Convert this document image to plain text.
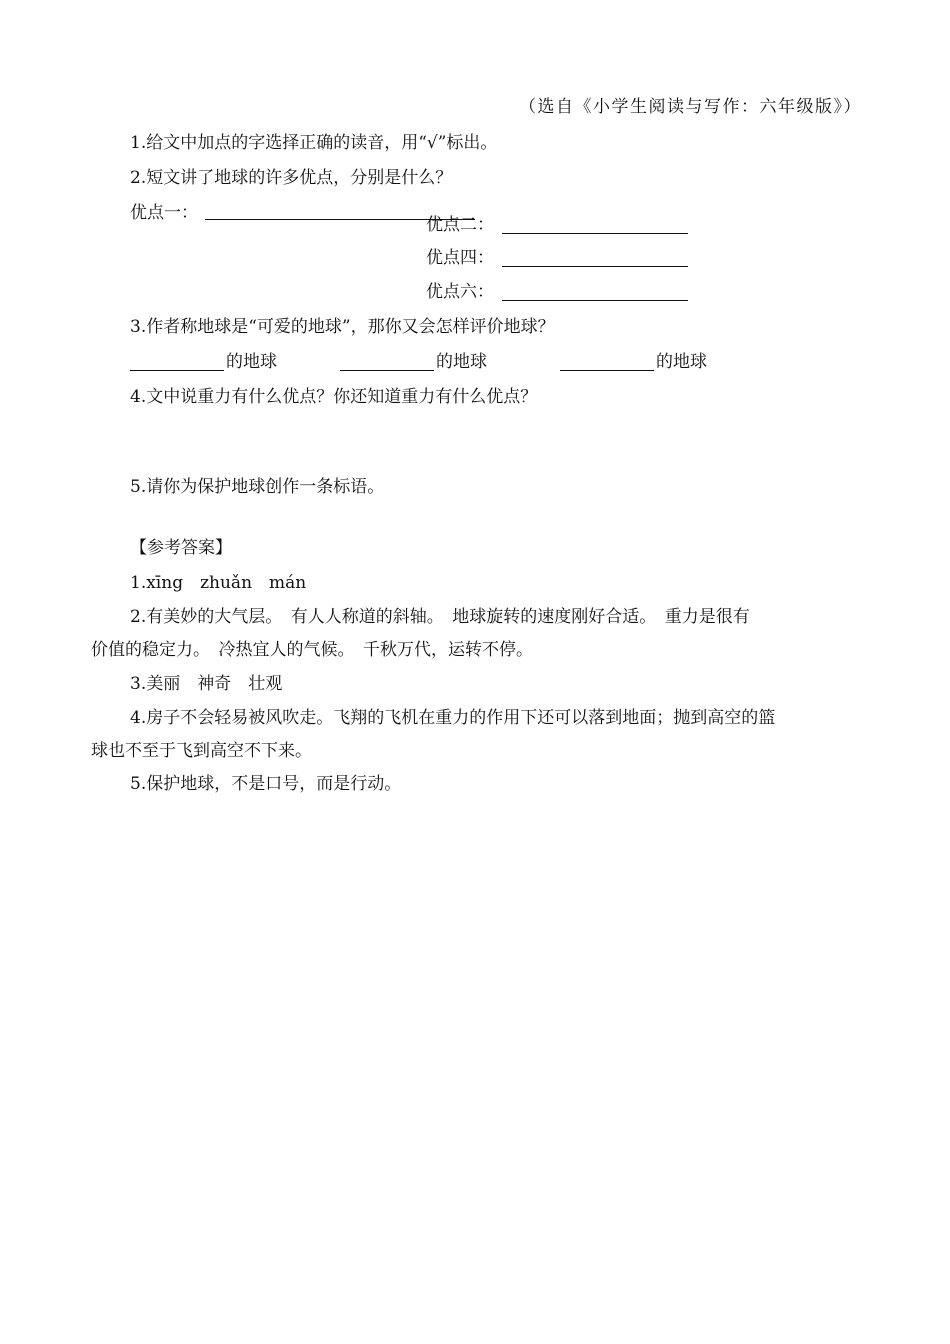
（选自《小学生阅读与写作：六年级版》）
1.给文中加点的字选择正确的读音，用“√”标出。
2.短文讲了地球的许多优点，分别是什么？
优点一：
优点二：
优点四：
优点六：
3.作者称地球是“可爱的地球”，那你又会怎样评价地球？
的地球	的地球	的地球
4.文中说重力有什么优点？你还知道重力有什么优点？
5.请你为保护地球创作一条标语。
【参考答案】
1.xīng　zhuǎn　mán
2.有美妙的大气层。　有人人称道的斜轴。　地球旋转的速度刚好合适。　重力是很有
价值的稳定力。　冷热宜人的气候。　千秋万代，运转不停。
3.美丽　神奇　壮观
4.房子不会轻易被风吹走。飞翔的飞机在重力的作用下还可以落到地面；抛到高空的篮
球也不至于飞到高空不下来。
5.保护地球，不是口号，而是行动。
